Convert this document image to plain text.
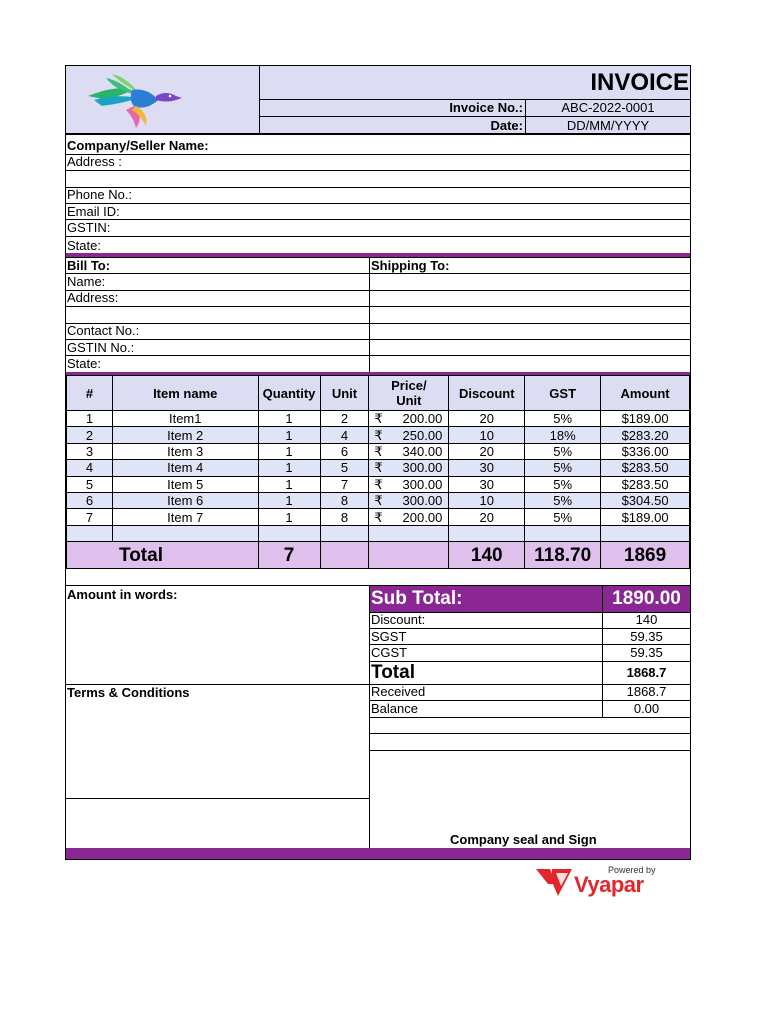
INVOICE
Invoice No.:	ABC-2022-0001
Date:	DD/MM/YYYY
Company/Seller Name:
Address :
Phone No.:
Email ID:
GSTIN:
State:
Bill To:	Shipping To:
Name:
Address:
Contact No.:
GSTIN No.:
State:
#	Item name	Quantity	Unit	Price/ Unit	Discount	GST	Amount
1	Item1	1	2	₹ 200.00	20	5%	$189.00
2	Item 2	1	4	₹ 250.00	10	18%	$283.20
3	Item 3	1	6	₹ 340.00	20	5%	$336.00
4	Item 4	1	5	₹ 300.00	30	5%	$283.50
5	Item 5	1	7	₹ 300.00	30	5%	$283.50
6	Item 6	1	8	₹ 300.00	10	5%	$304.50
7	Item 7	1	8	₹ 200.00	20	5%	$189.00

Total		7			140	118.70	1869
Amount in words:
Terms & Conditions
Sub Total:	1890.00
Discount:	140
SGST	59.35
CGST	59.35
Total	1868.7
Received	1868.7
Balance	0.00
Company seal and Sign
Powered by
Vyapar
